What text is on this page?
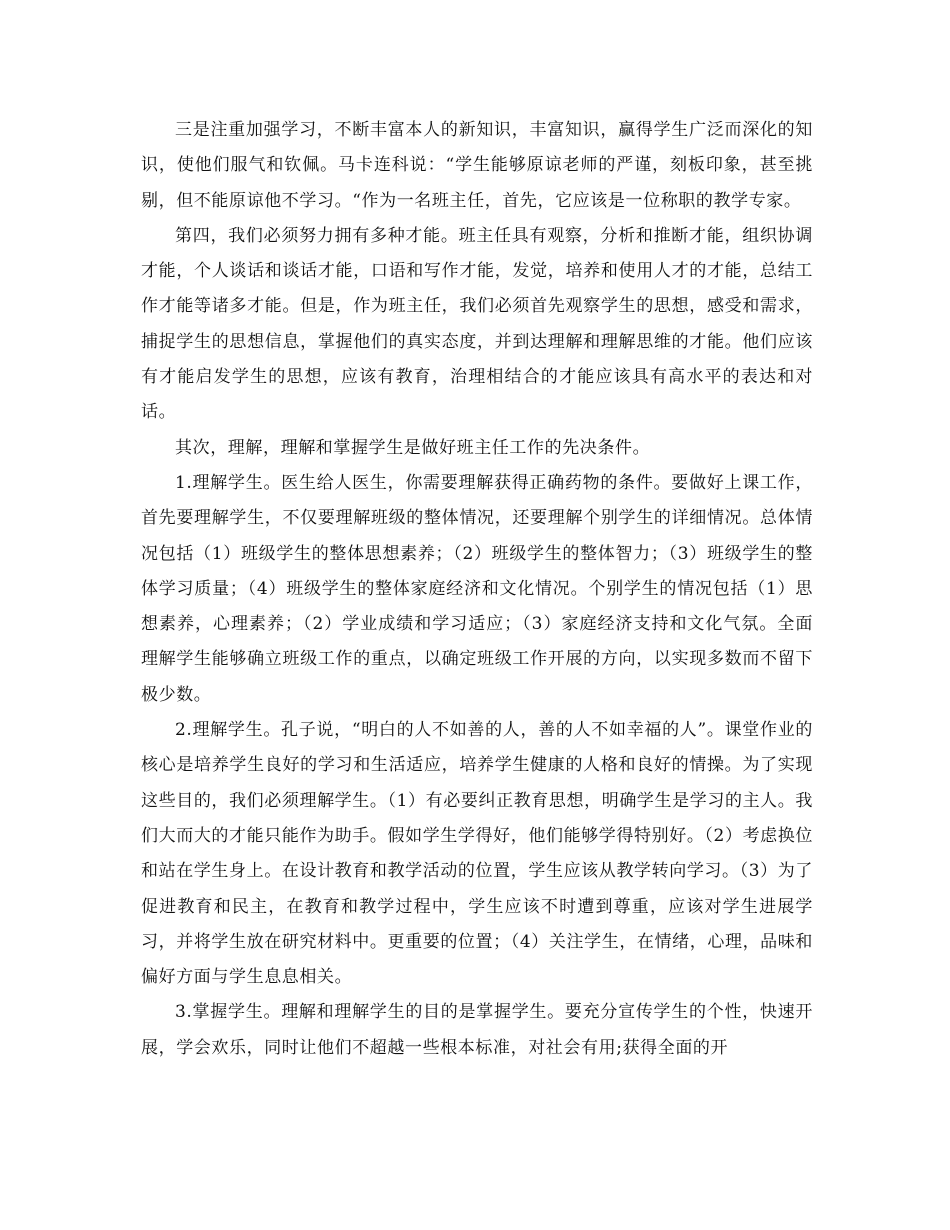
三是注重加强学习，不断丰富本人的新知识，丰富知识，赢得学生广泛而深化的知识，使他们服气和钦佩。马卡连科说：“学生能够原谅老师的严谨，刻板印象，甚至挑剔，但不能原谅他不学习。“作为一名班主任，首先，它应该是一位称职的教学专家。

第四，我们必须努力拥有多种才能。班主任具有观察，分析和推断才能，组织协调才能，个人谈话和谈话才能，口语和写作才能，发觉，培养和使用人才的才能，总结工作才能等诸多才能。但是，作为班主任，我们必须首先观察学生的思想，感受和需求，捕捉学生的思想信息，掌握他们的真实态度，并到达理解和理解思维的才能。他们应该有才能启发学生的思想，应该有教育，治理相结合的才能应该具有高水平的表达和对话。

其次，理解，理解和掌握学生是做好班主任工作的先决条件。

1.理解学生。医生给人医生，你需要理解获得正确药物的条件。要做好上课工作，首先要理解学生，不仅要理解班级的整体情况，还要理解个别学生的详细情况。总体情况包括（1）班级学生的整体思想素养；（2）班级学生的整体智力；（3）班级学生的整体学习质量；（4）班级学生的整体家庭经济和文化情况。个别学生的情况包括（1）思想素养，心理素养；（2）学业成绩和学习适应；（3）家庭经济支持和文化气氛。全面理解学生能够确立班级工作的重点，以确定班级工作开展的方向，以实现多数而不留下极少数。

2.理解学生。孔子说，“明白的人不如善的人，善的人不如幸福的人”。课堂作业的核心是培养学生良好的学习和生活适应，培养学生健康的人格和良好的情操。为了实现这些目的，我们必须理解学生。（1）有必要纠正教育思想，明确学生是学习的主人。我们大而大的才能只能作为助手。假如学生学得好，他们能够学得特别好。（2）考虑换位和站在学生身上。在设计教育和教学活动的位置，学生应该从教学转向学习。（3）为了促进教育和民主，在教育和教学过程中，学生应该不时遭到尊重，应该对学生进展学习，并将学生放在研究材料中。更重要的位置；（4）关注学生，在情绪，心理，品味和偏好方面与学生息息相关。

3.掌握学生。理解和理解学生的目的是掌握学生。要充分宣传学生的个性，快速开展，学会欢乐，同时让他们不超越一些根本标准，对社会有用;获得全面的开
